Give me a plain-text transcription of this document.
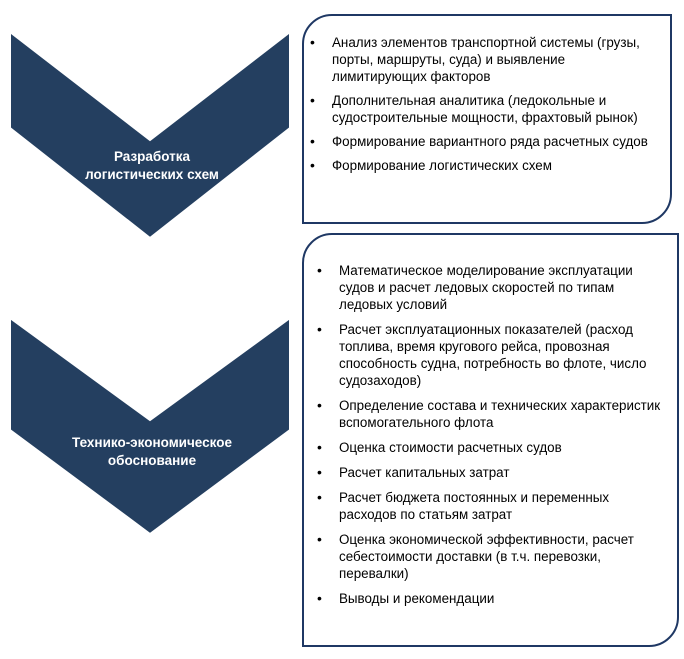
Разработка
логистических схем
• Анализ элементов транспортной системы (грузы, порты, маршруты, суда) и выявление лимитирующих факторов
• Дополнительная аналитика (ледокольные и судостроительные мощности, фрахтовый рынок)
• Формирование вариантного ряда расчетных судов
• Формирование логистических схем
Технико-экономическое
обоснование
• Математическое моделирование эксплуатации судов и расчет ледовых скоростей по типам ледовых условий
• Расчет эксплуатационных показателей (расход топлива, время кругового рейса, провозная способность судна, потребность во флоте, число судозаходов)
• Определение состава и технических характеристик вспомогательного флота
• Оценка стоимости расчетных судов
• Расчет капитальных затрат
• Расчет бюджета постоянных и переменных расходов по статьям затрат
• Оценка экономической эффективности, расчет себестоимости доставки (в т.ч. перевозки, перевалки)
• Выводы и рекомендации
